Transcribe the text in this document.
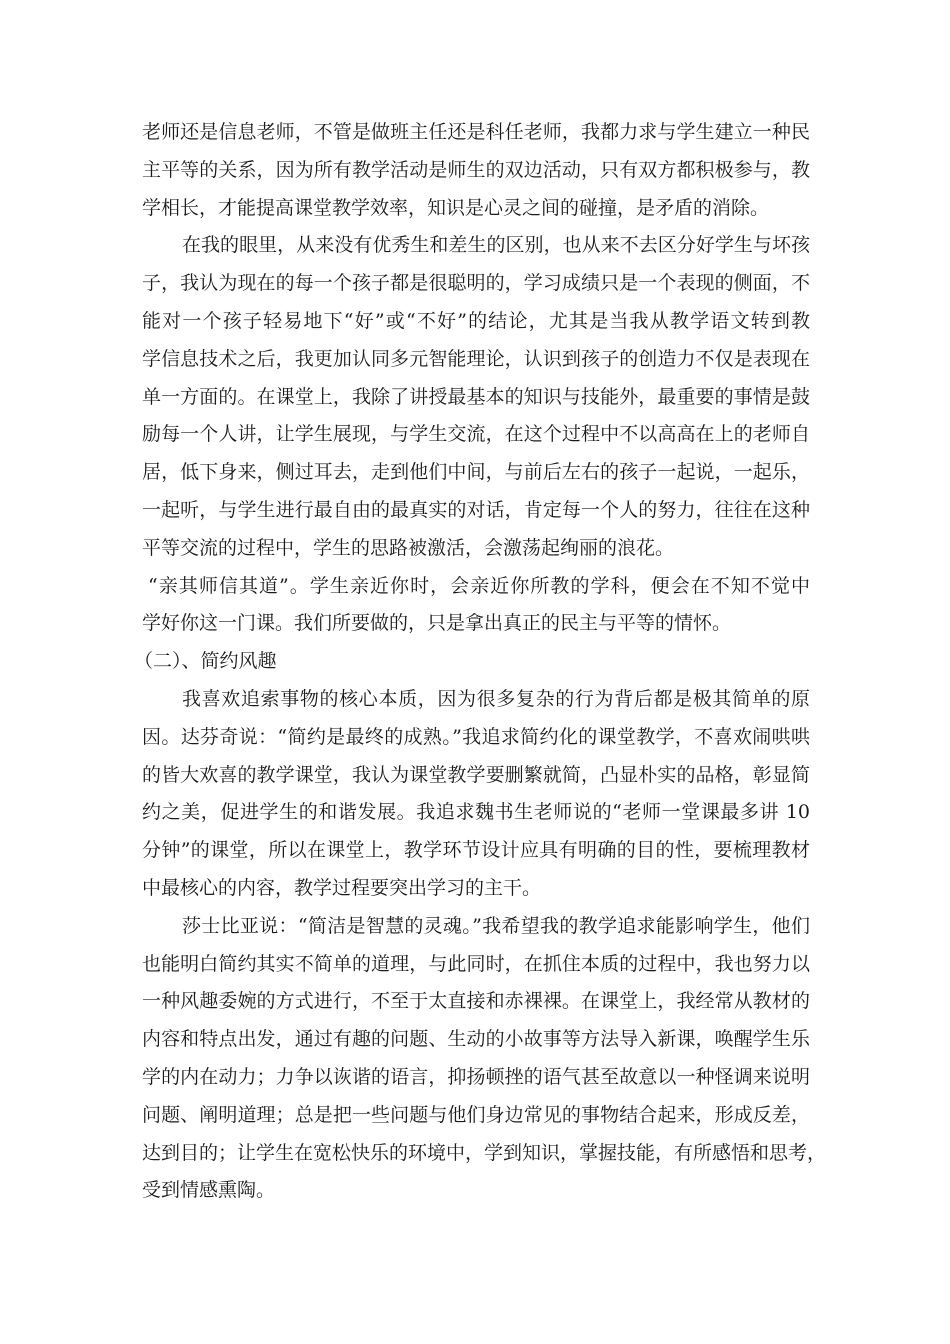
老师还是信息老师，不管是做班主任还是科任老师，我都力求与学生建立一种民
主平等的关系，因为所有教学活动是师生的双边活动，只有双方都积极参与，教
学相长，才能提高课堂教学效率，知识是心灵之间的碰撞，是矛盾的消除。
在我的眼里，从来没有优秀生和差生的区别，也从来不去区分好学生与坏孩
子，我认为现在的每一个孩子都是很聪明的，学习成绩只是一个表现的侧面，不
能对一个孩子轻易地下“好”或“不好”的结论，尤其是当我从教学语文转到教
学信息技术之后，我更加认同多元智能理论，认识到孩子的创造力不仅是表现在
单一方面的。在课堂上，我除了讲授最基本的知识与技能外，最重要的事情是鼓
励每一个人讲，让学生展现，与学生交流，在这个过程中不以高高在上的老师自
居，低下身来，侧过耳去，走到他们中间，与前后左右的孩子一起说，一起乐，
一起听，与学生进行最自由的最真实的对话，肯定每一个人的努力，往往在这种
平等交流的过程中，学生的思路被激活，会激荡起绚丽的浪花。
“亲其师信其道”。学生亲近你时，会亲近你所教的学科，便会在不知不觉中
学好你这一门课。我们所要做的，只是拿出真正的民主与平等的情怀。
（二）、简约风趣
我喜欢追索事物的核心本质，因为很多复杂的行为背后都是极其简单的原
因。达芬奇说：“简约是最终的成熟。”我追求简约化的课堂教学，不喜欢闹哄哄
的皆大欢喜的教学课堂，我认为课堂教学要删繁就简，凸显朴实的品格，彰显简
约之美，促进学生的和谐发展。我追求魏书生老师说的“老师一堂课最多讲 10
分钟”的课堂，所以在课堂上，教学环节设计应具有明确的目的性，要梳理教材
中最核心的内容，教学过程要突出学习的主干。
莎士比亚说：“简洁是智慧的灵魂。”我希望我的教学追求能影响学生，他们
也能明白简约其实不简单的道理，与此同时，在抓住本质的过程中，我也努力以
一种风趣委婉的方式进行，不至于太直接和赤裸裸。在课堂上，我经常从教材的
内容和特点出发，通过有趣的问题、生动的小故事等方法导入新课，唤醒学生乐
学的内在动力；力争以诙谐的语言，抑扬顿挫的语气甚至故意以一种怪调来说明
问题、阐明道理；总是把一些问题与他们身边常见的事物结合起来，形成反差，
达到目的；让学生在宽松快乐的环境中，学到知识，掌握技能，有所感悟和思考，
受到情感熏陶。
